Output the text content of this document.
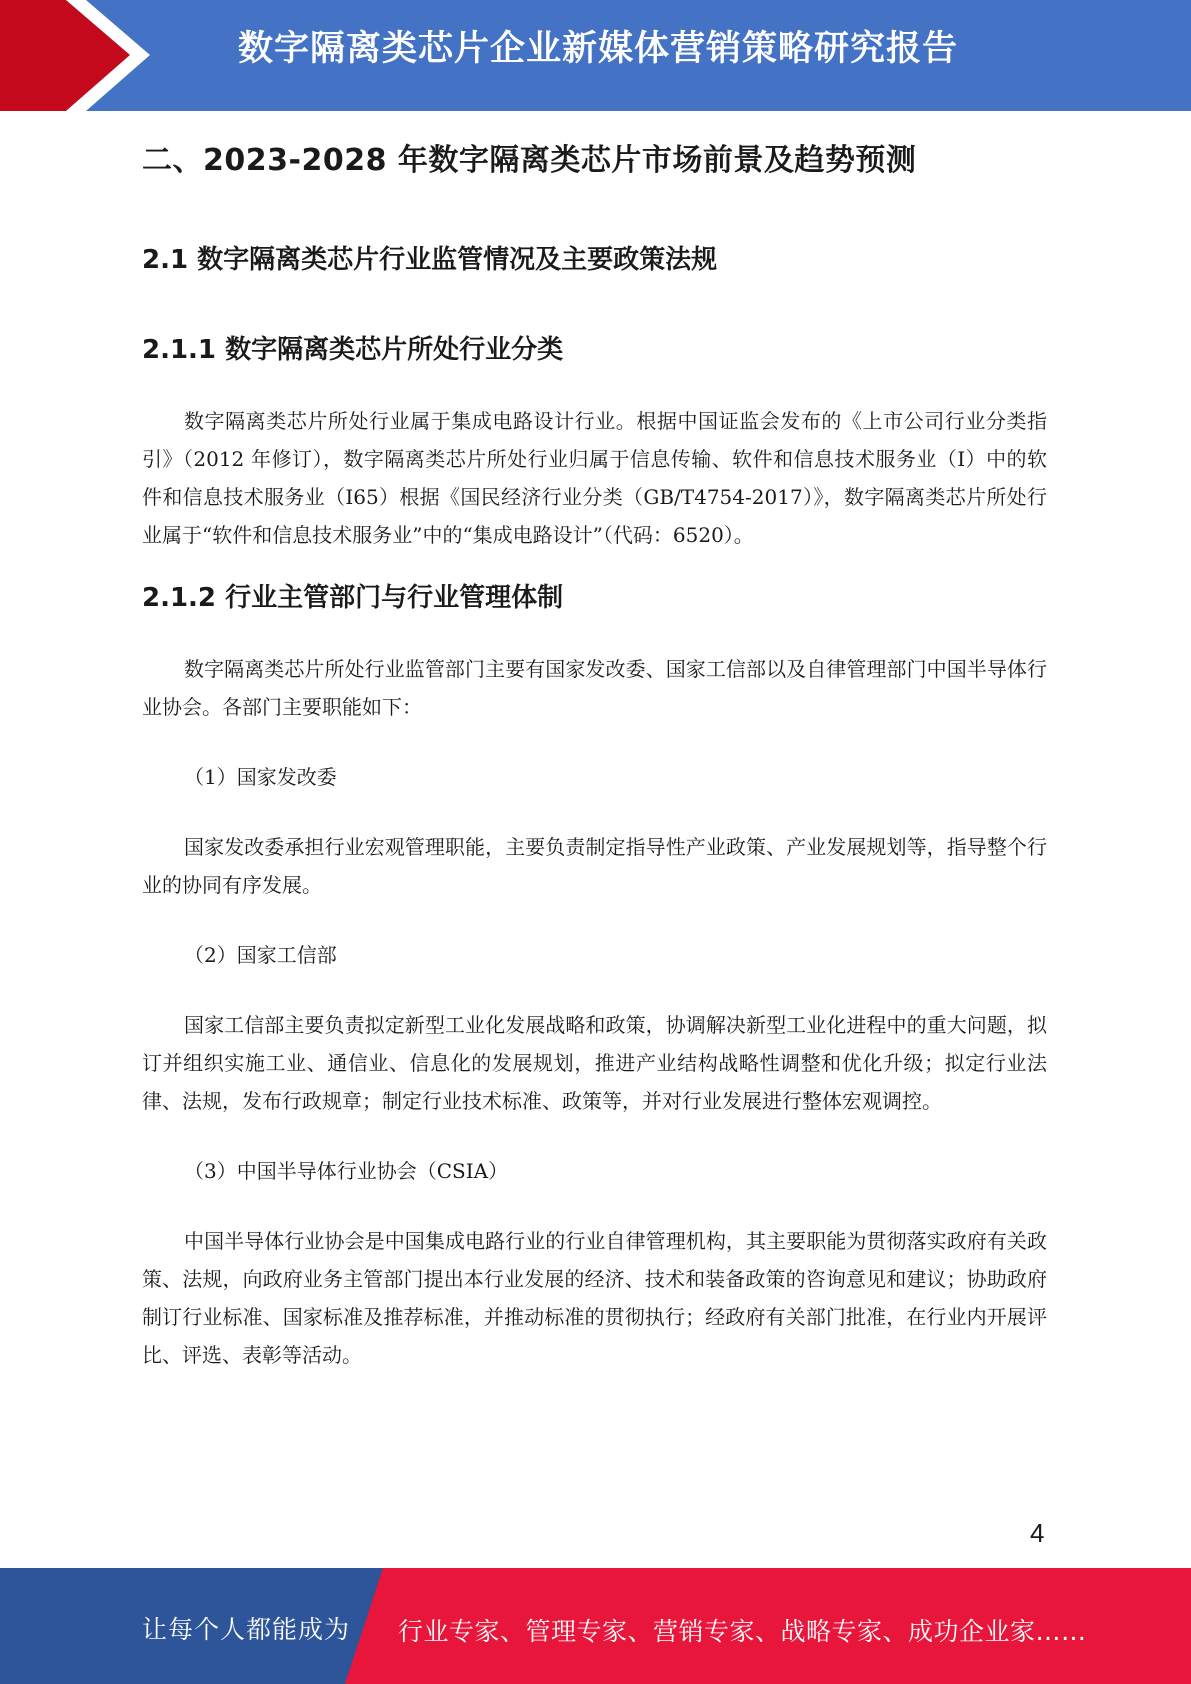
数字隔离类芯片企业新媒体营销策略研究报告
二、2023-2028 年数字隔离类芯片市场前景及趋势预测
2.1 数字隔离类芯片行业监管情况及主要政策法规
2.1.1 数字隔离类芯片所处行业分类

数字隔离类芯片所处行业属于集成电路设计行业。根据中国证监会发布的《上市公司行业分类指引》（2012 年修订），数字隔离类芯片所处行业归属于信息传输、软件和信息技术服务业（I）中的软件和信息技术服务业（I65）根据《国民经济行业分类（GB/T4754-2017）》，数字隔离类芯片所处行业属于“软件和信息技术服务业”中的“集成电路设计”（代码：6520）。

2.1.2 行业主管部门与行业管理体制

数字隔离类芯片所处行业监管部门主要有国家发改委、国家工信部以及自律管理部门中国半导体行业协会。各部门主要职能如下：

（1）国家发改委

国家发改委承担行业宏观管理职能，主要负责制定指导性产业政策、产业发展规划等，指导整个行业的协同有序发展。

（2）国家工信部

国家工信部主要负责拟定新型工业化发展战略和政策，协调解决新型工业化进程中的重大问题，拟订并组织实施工业、通信业、信息化的发展规划，推进产业结构战略性调整和优化升级；拟定行业法律、法规，发布行政规章；制定行业技术标准、政策等，并对行业发展进行整体宏观调控。

（3）中国半导体行业协会（CSIA）

中国半导体行业协会是中国集成电路行业的行业自律管理机构，其主要职能为贯彻落实政府有关政策、法规，向政府业务主管部门提出本行业发展的经济、技术和装备政策的咨询意见和建议；协助政府制订行业标准、国家标准及推荐标准，并推动标准的贯彻执行；经政府有关部门批准，在行业内开展评比、评选、表彰等活动。

4
让每个人都能成为 行业专家、管理专家、营销专家、战略专家、成功企业家……
